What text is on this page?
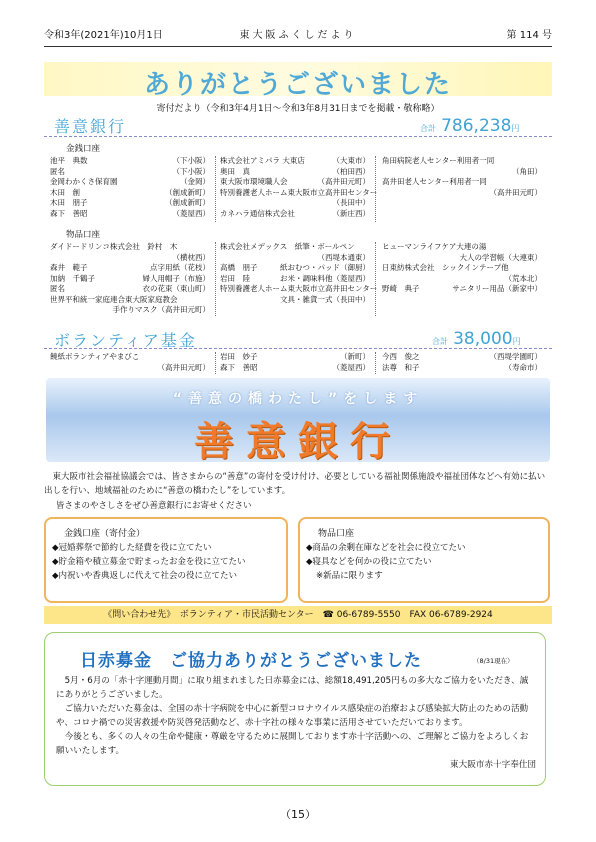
令和3年(2021年)10月1日	東大阪ふくしだより	第 114 号
ありがとうございました
寄付だより（令和3年4月1日～令和3年8月31日までを掲載・敬称略）
善意銀行	合計 786,238円
金銭口座
池平　典数	（下小阪）
匿名	（下小阪）
金岡わかくさ保育園	（金岡）
木田　創	（創成新町）
木田　朋子	（創成新町）
森下　善昭	（菱屋西）
株式会社アミパラ 大東店	（大東市）
奥田　真	（柏田西）
東大阪市環境職人会	（高井田元町）
特別養護老人ホーム東大阪市立高井田センター
（長田中）
カネハラ通信株式会社	（新庄西）
角田病院老人センター利用者一同
（角田）
高井田老人センター利用者一同
（高井田元町）
物品口座
ダイドードリンコ株式会社　鈴村　木
（横枕西）
森井　範子	点字用紙（花枝）
加納　千鶴子	婦人用帽子（布施）
匿名	衣の花束（東山町）
世界平和統一家庭連合東大阪家庭教会
手作りマスク（高井田元町）
株式会社メデックス　紙筆・ボールペン
（西堤本通東）
高橋　朋子	紙おむつ・パッド（御厨）
岩田　陸	お米・調味料他（菱屋西）
特別養護老人ホーム東大阪市立高井田センター
文具・雑貨一式（長田中）
ヒューマンライフケア大連の湯
大人の学習帳（大連東）
日東紡株式会社　シックインテープ他
（荒本北）
野崎　典子	サニタリー用品（新家中）
ボランティア基金	合計 38,000円
饒紙ボランティアやまびこ
（高井田元町）
岩田　妙子	（新町）
森下　善昭	（菱屋西）
今西　俊之	（西堤学園町）
法尊　和子	（寿命市）
“善意の橋わたし”をします
善意銀行
東大阪市社会福祉協議会では、皆さまからの“善意”の寄付を受け付け、必要としている福祉関係施設や福祉団体などへ有効に払い出しを行い、地域福祉のために“善意の橋わたし”をしています。
皆さまのやさしさをぜひ善意銀行にお寄せください
金銭口座（寄付金）
◆冠婚葬祭で節約した経費を役に立てたい
◆貯金箱や積立募金で貯まったお金を役に立てたい
◆内祝いや香典返しに代えて社会の役に立てたい
物品口座
◆商品の余剰在庫などを社会に役立てたい
◆寝具などを何かの役に立てたい
※新品に限ります
《問い合わせ先》　ボランティア・市民活動センター　☎ 06-6789-5550　FAX 06-6789-2924
日赤募金　ご協力ありがとうございました	（8/31現在）
5月・6月の「赤十字運動月間」に取り組まれました日赤募金には、総額18,491,205円もの多大なご協力をいただき、誠にありがとうございました。
ご協力いただいた募金は、全国の赤十字病院を中心に新型コロナウイルス感染症の治療および感染拡大防止のための活動や、コロナ禍での災害救援や防災啓発活動など、赤十字社の様々な事業に活用させていただいております。
今後とも、多くの人々の生命や健康・尊厳を守るために展開しております赤十字活動への、ご理解とご協力をよろしくお願いいたします。
東大阪市赤十字奉仕団
（15）
